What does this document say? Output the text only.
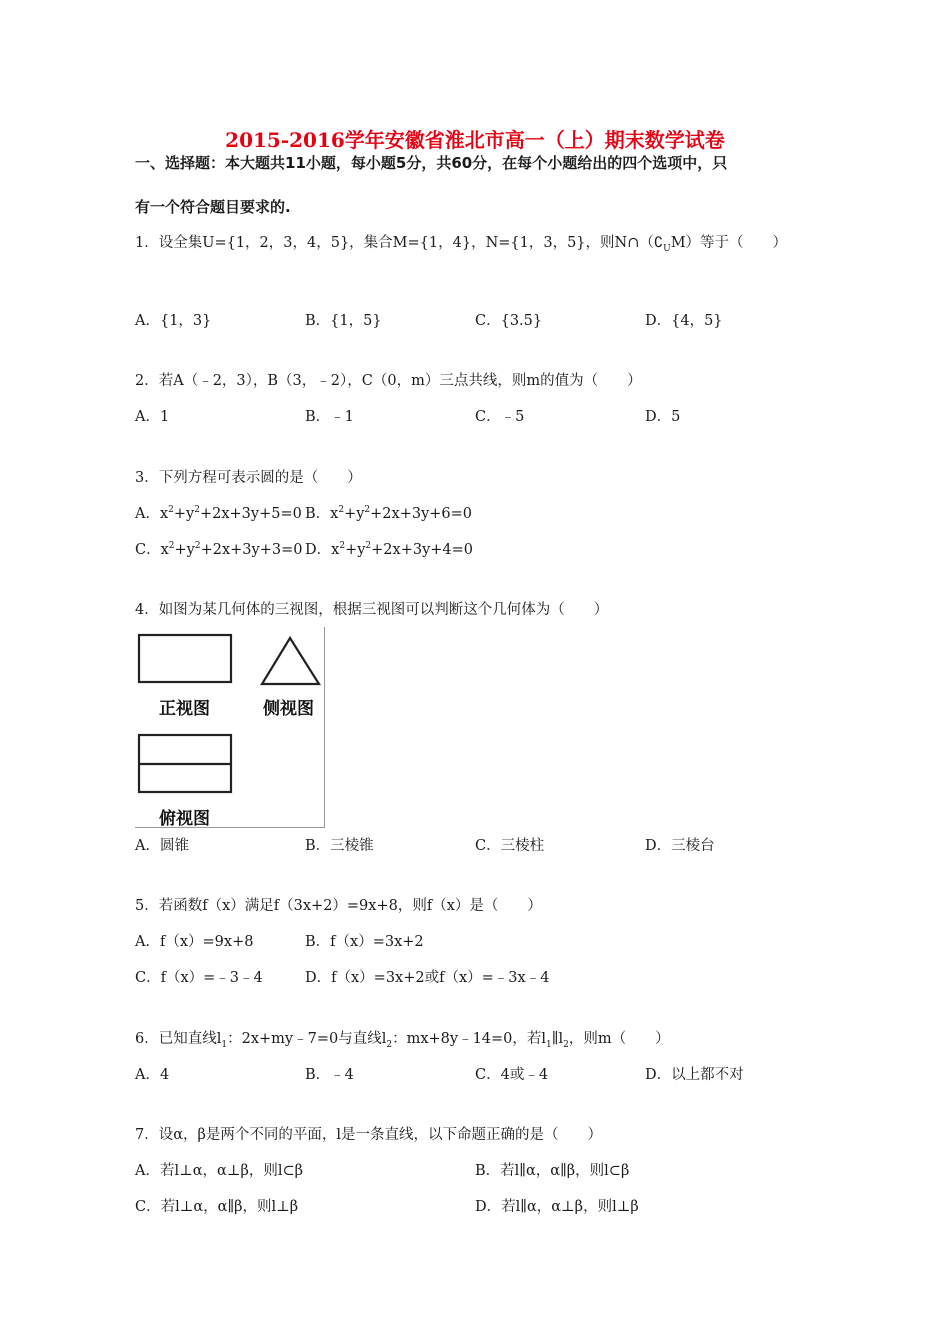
2015-2016学年安徽省淮北市高一（上）期末数学试卷
一、选择题：本大题共11小题，每小题5分，共60分，在每个小题给出的四个选项中，只
有一个符合题目要求的.
1．设全集U={1，2，3，4，5}，集合M={1，4}，N={1，3，5}，则$N\cap(∁_UM)$等于（　　）
A．{1，3}	B．{1，5}	C．{3.5}	D．{4，5}
2．若A（﹣2，3），B（3，﹣2），C（0，m）三点共线，则m的值为（　　）
A．1	B．﹣1	C．﹣5	D．5
3．下列方程可表示圆的是（　　）
A．$x^2+y^2+2x+3y+5=0$ B．$x^2+y^2+2x+3y+6=0$
C．$x^2+y^2+2x+3y+3=0$ D．$x^2+y^2+2x+3y+4=0$
4．如图为某几何体的三视图，根据三视图可以判断这个几何体为（　　）
正视图	侧视图
俯视图
A．圆锥	B．三棱锥	C．三棱柱	D．三棱台
5．若函数f（x）满足f（3x+2）=9x+8，则f（x）是（　　）
A．f（x）=9x+8	B．f（x）=3x+2
C．f（x）=﹣3﹣4	D．f（x）=3x+2或f（x）=﹣3x﹣4
6．已知直线$l_1$：2x+my﹣7=0与直线$l_2$：mx+8y﹣14=0，若$l_1\parallel l_2$，则m（　　）
A．4	B．﹣4	C．4或﹣4	D．以上都不对
7．设α，β是两个不同的平面，l是一条直线，以下命题正确的是（　　）
A．若l⊥α，α⊥β，则l⊂β	B．若l∥α，α∥β，则l⊂β
C．若l⊥α，α∥β，则l⊥β	D．若l∥α，α⊥β，则l⊥β
